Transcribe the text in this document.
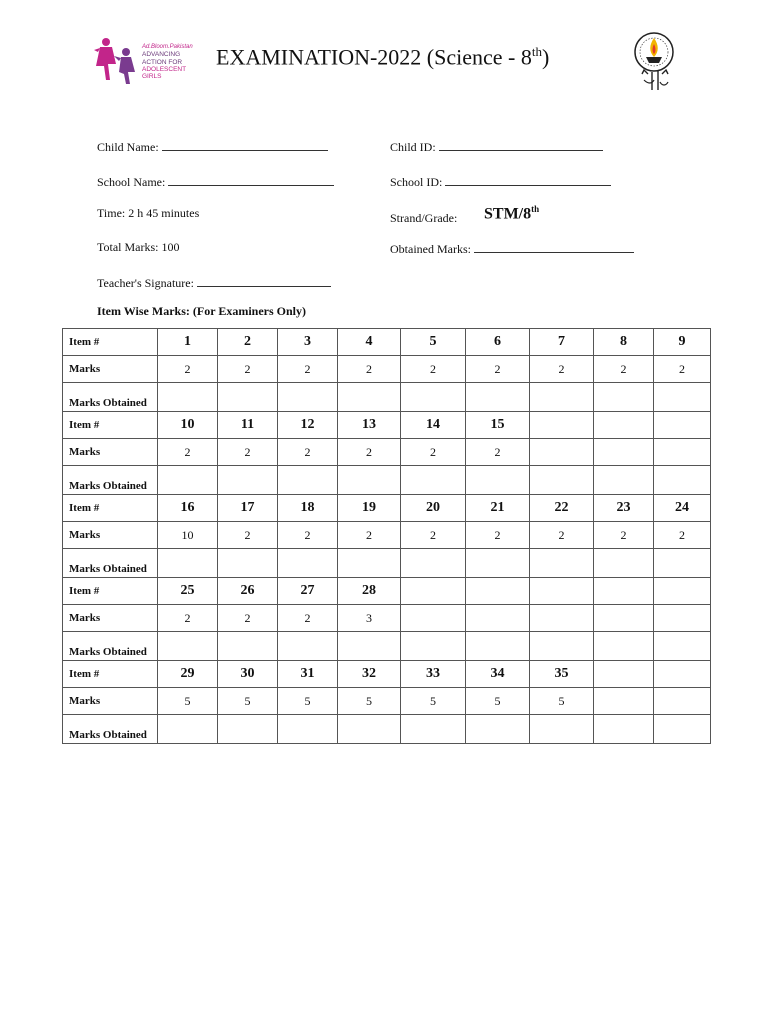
Ad.Bloom.Pakistan
ADVANCING
ACTION FOR
ADOLESCENT
GIRLS
EXAMINATION-2022 (Science - 8th)
Child Name:	Child ID:
School Name:	School ID:
Time: 2 h 45 minutes	Strand/Grade: STM/8th
Total Marks: 100	Obtained Marks:
Teacher's Signature:
Item Wise Marks: (For Examiners Only)
Item #	1	2	3	4	5	6	7	8	9
Marks	2	2	2	2	2	2	2	2	2
Marks Obtained									
Item #	10	11	12	13	14	15			
Marks	2	2	2	2	2	2			
Marks Obtained									
Item #	16	17	18	19	20	21	22	23	24
Marks	10	2	2	2	2	2	2	2	2
Marks Obtained									
Item #	25	26	27	28					
Marks	2	2	2	3					
Marks Obtained									
Item #	29	30	31	32	33	34	35		
Marks	5	5	5	5	5	5	5		
Marks Obtained									
